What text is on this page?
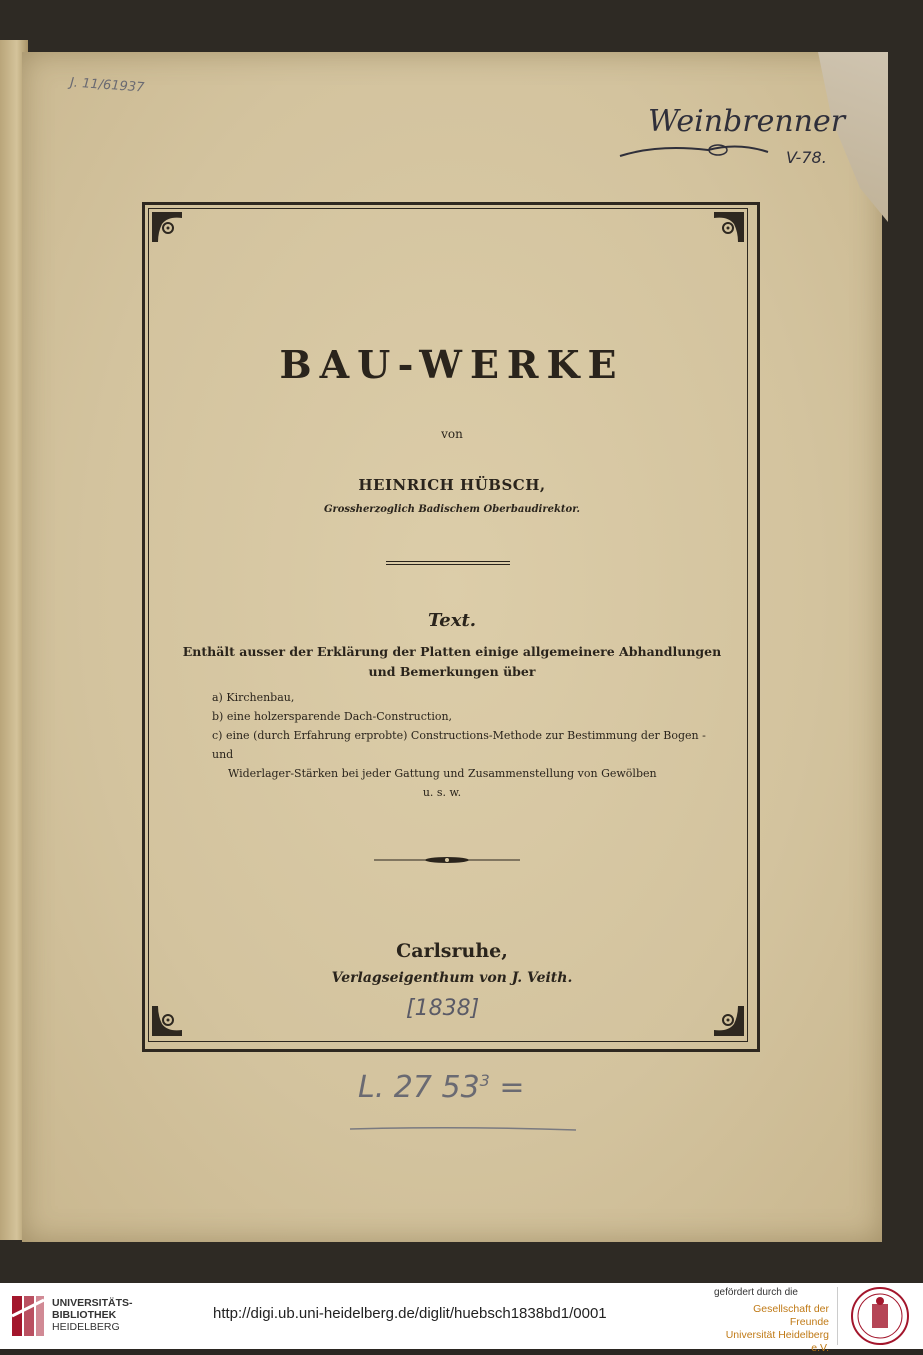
J. 11/61937
Weinbrenner
V-78.
BAU-WERKE
von
HEINRICH HÜBSCH,
Grossherzoglich Badischem Oberbaudirektor.
Text.
Enthält ausser der Erklärung der Platten einige allgemeinere Abhandlungen
und Bemerkungen über
a) Kirchenbau,
b) eine holzersparende Dach-Construction,
c) eine (durch Erfahrung erprobte) Constructions-Methode zur Bestimmung der Bogen - und
Widerlager-Stärken bei jeder Gattung und Zusammenstellung von Gewölben
u. s. w.
Carlsruhe,
Verlagseigenthum von J. Veith.
[1838]
L. 27 $53^3$ =
UNIVERSITÄTS-
BIBLIOTHEK
HEIDELBERG
http://digi.ub.uni-heidelberg.de/diglit/huebsch1838bd1/0001
gefördert durch die
Gesellschaft der Freunde
Universität Heidelberg e.V.
